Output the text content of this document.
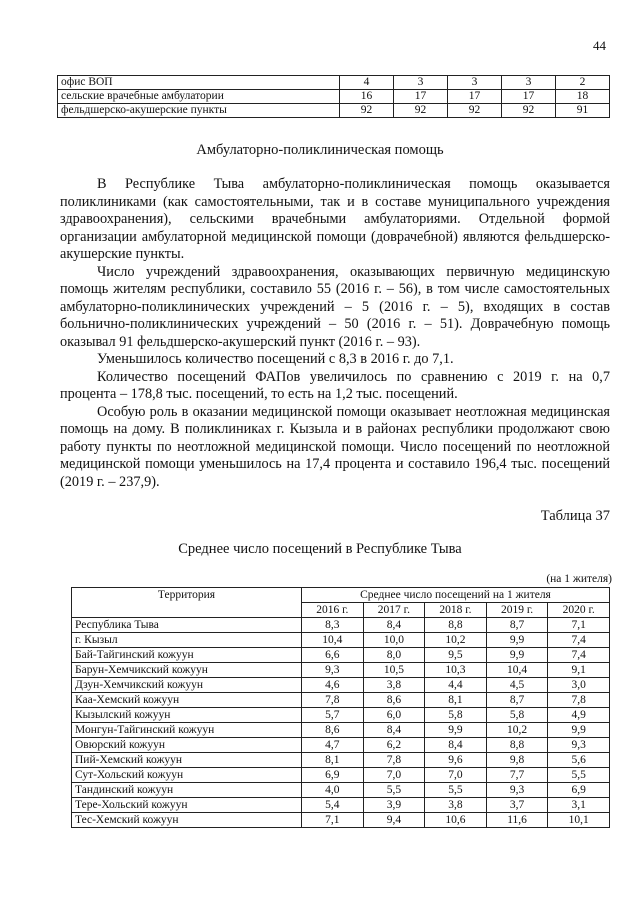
44
офис ВОП	4	3	3	3	2
сельские врачебные амбулатории	16	17	17	17	18
фельдшерско-акушерские пункты	92	92	92	92	91
Амбулаторно-поликлиническая помощь

В Республике Тыва амбулаторно-поликлиническая помощь оказывается поликлиниками (как самостоятельными, так и в составе муниципального учреждения здравоохранения), сельскими врачебными амбулаториями. Отдельной формой организации амбулаторной медицинской помощи (доврачебной) являются фельдшерско-акушерские пункты.

Число учреждений здравоохранения, оказывающих первичную медицинскую помощь жителям республики, составило 55 (2016 г. – 56), в том числе самостоятельных амбулаторно-поликлинических учреждений – 5 (2016 г. – 5), входящих в состав больнично-поликлинических учреждений – 50 (2016 г. – 51). Доврачебную помощь оказывал 91 фельдшерско-акушерский пункт (2016 г. – 93).

Уменьшилось количество посещений с 8,3 в 2016 г. до 7,1.

Количество посещений ФАПов увеличилось по сравнению с 2019 г. на 0,7 процента – 178,8 тыс. посещений, то есть на 1,2 тыс. посещений.

Особую роль в оказании медицинской помощи оказывает неотложная медицинская помощь на дому. В поликлиниках г. Кызыла и в районах республики продолжают свою работу пункты по неотложной медицинской помощи. Число посещений по неотложной медицинской помощи уменьшилось на 17,4 процента и составило 196,4 тыс. посещений (2019 г. – 237,9).

Таблица 37
Среднее число посещений в Республике Тыва
(на 1 жителя)
Территория	Среднее число посещений на 1 жителя				
	2016 г.	2017 г.	2018 г.	2019 г.	2020 г.
Республика Тыва	8,3	8,4	8,8	8,7	7,1
г. Кызыл	10,4	10,0	10,2	9,9	7,4
Бай-Тайгинский кожуун	6,6	8,0	9,5	9,9	7,4
Барун-Хемчикский кожуун	9,3	10,5	10,3	10,4	9,1
Дзун-Хемчикский кожуун	4,6	3,8	4,4	4,5	3,0
Каа-Хемский кожуун	7,8	8,6	8,1	8,7	7,8
Кызылский кожуун	5,7	6,0	5,8	5,8	4,9
Монгун-Тайгинский кожуун	8,6	8,4	9,9	10,2	9,9
Овюрский кожуун	4,7	6,2	8,4	8,8	9,3
Пий-Хемский кожуун	8,1	7,8	9,6	9,8	5,6
Сут-Хольский кожуун	6,9	7,0	7,0	7,7	5,5
Тандинский кожуун	4,0	5,5	5,5	9,3	6,9
Тере-Хольский кожуун	5,4	3,9	3,8	3,7	3,1
Тес-Хемский кожуун	7,1	9,4	10,6	11,6	10,1
